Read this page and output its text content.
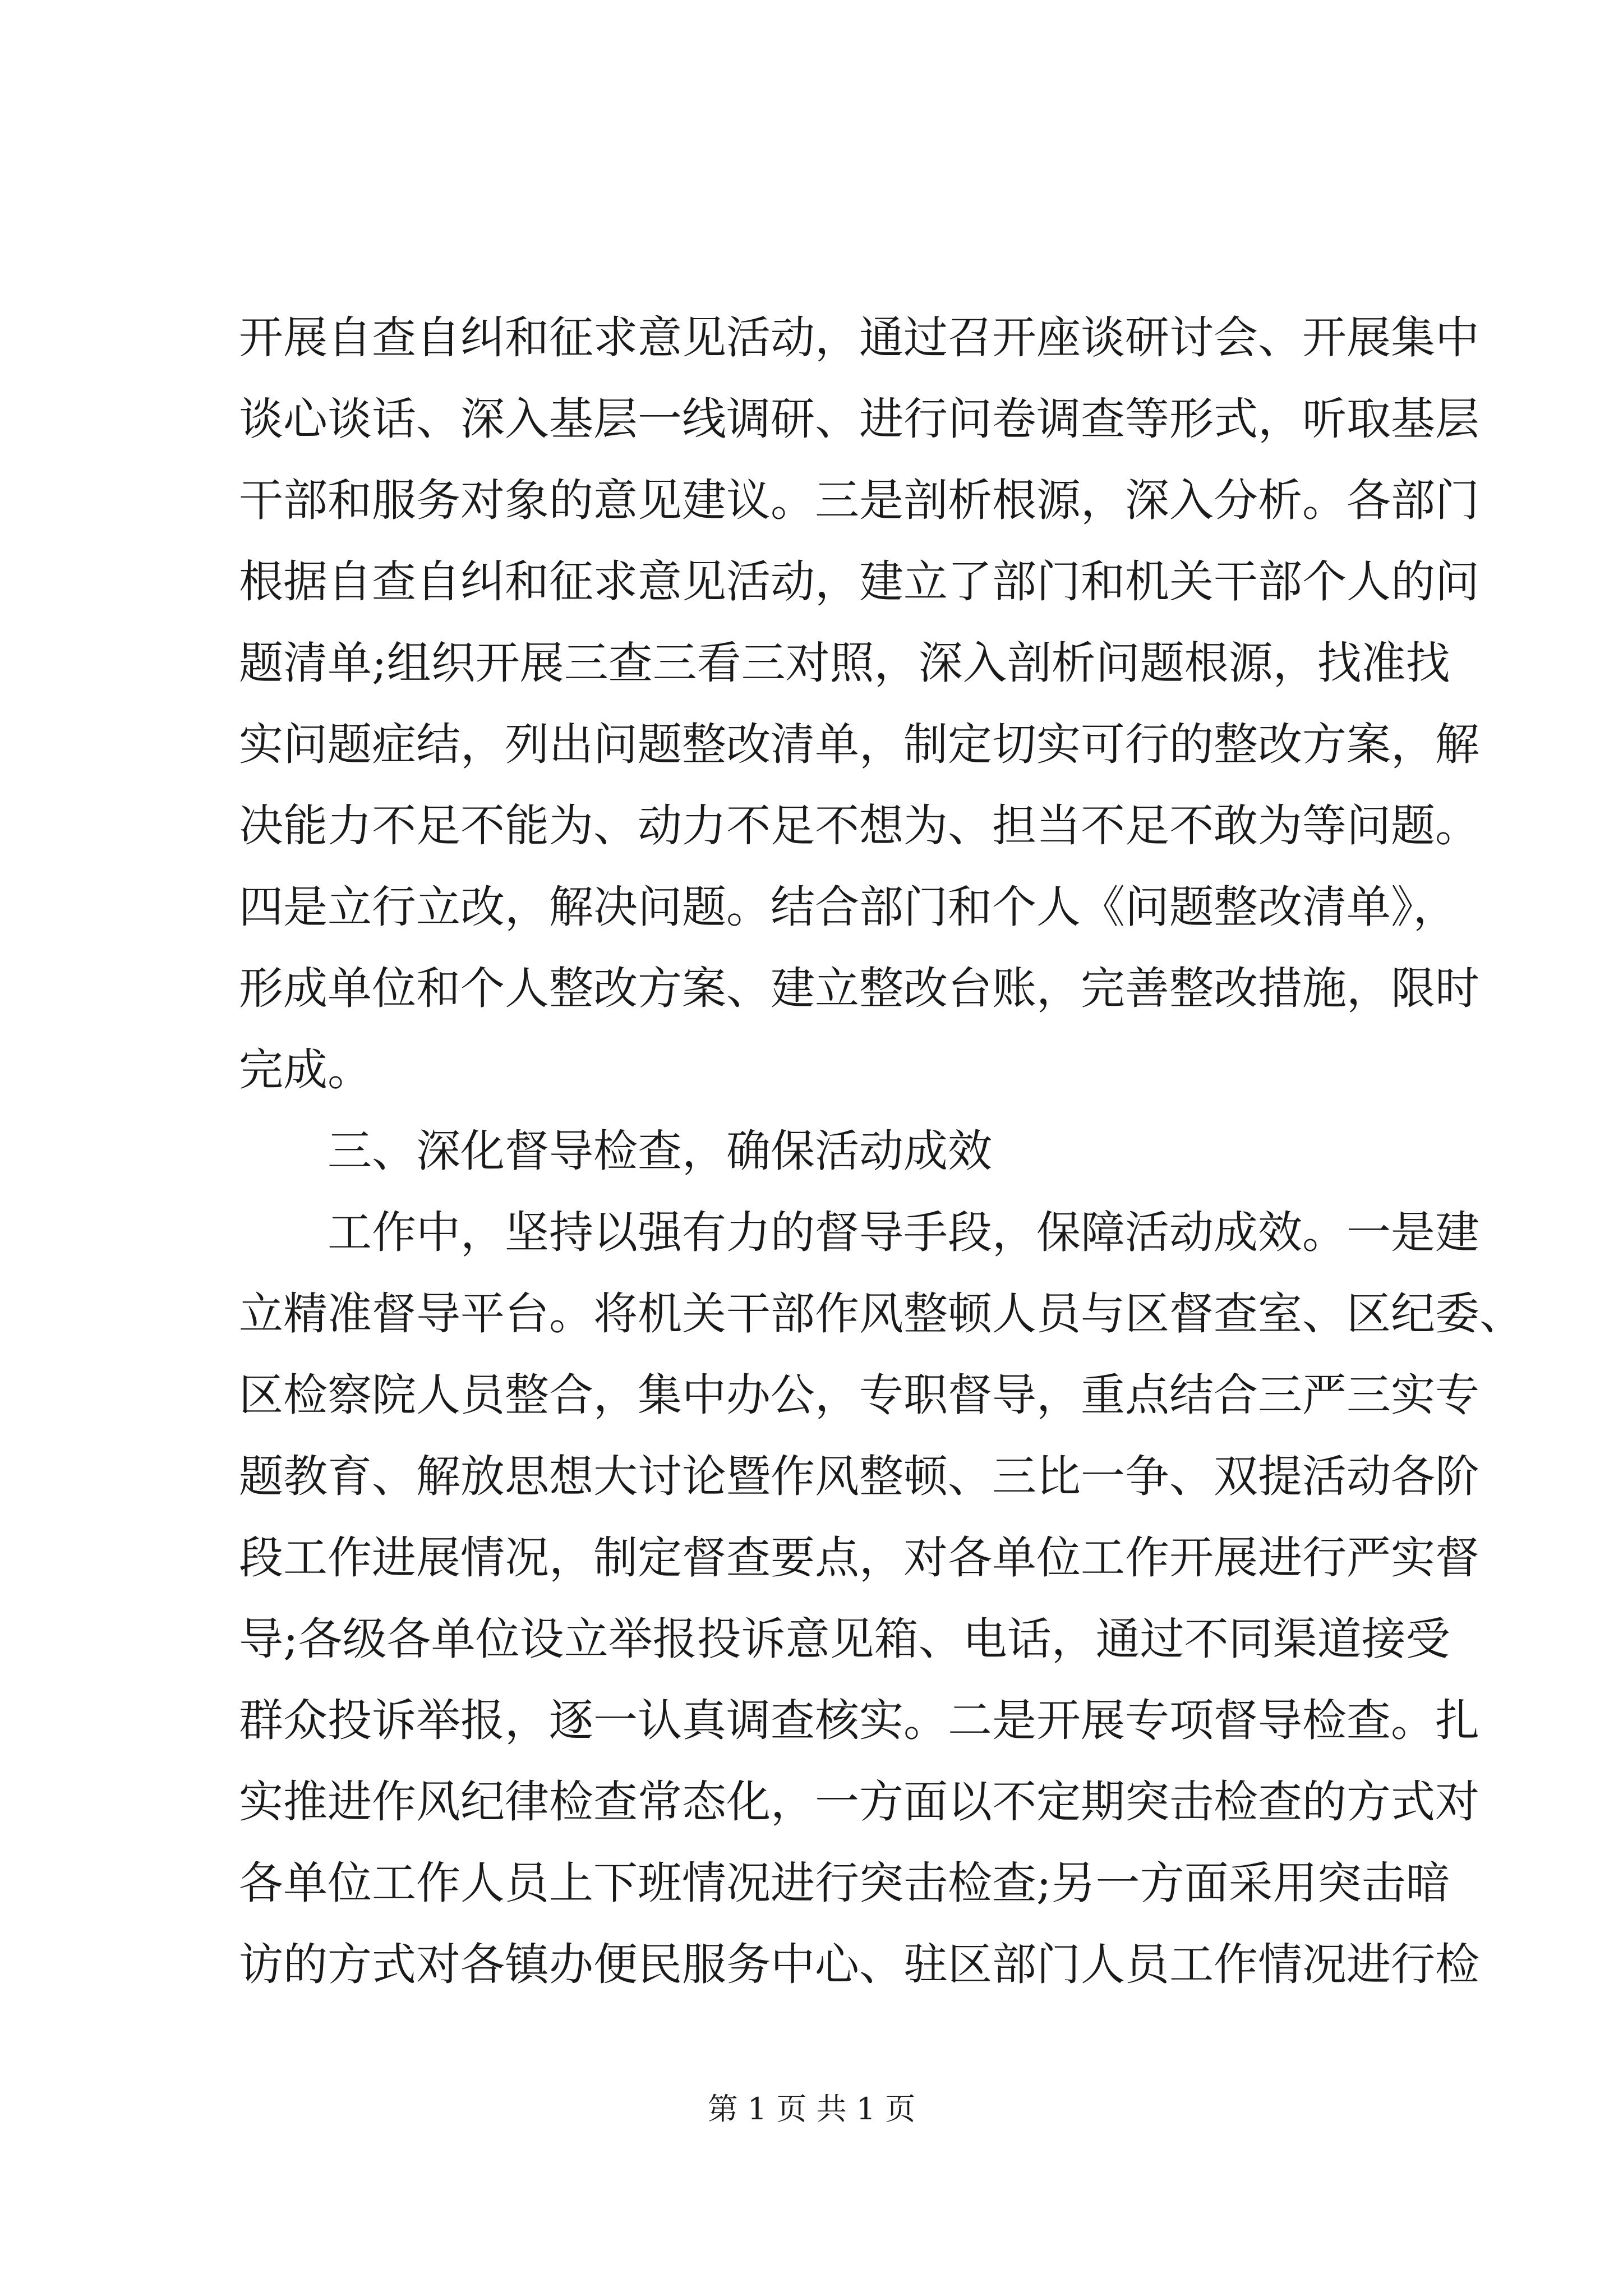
开展自查自纠和征求意见活动，通过召开座谈研讨会、开展集中
谈心谈话、深入基层一线调研、进行问卷调查等形式，听取基层
干部和服务对象的意见建议。三是剖析根源，深入分析。各部门
根据自查自纠和征求意见活动，建立了部门和机关干部个人的问
题清单;组织开展三查三看三对照，深入剖析问题根源，找准找
实问题症结，列出问题整改清单，制定切实可行的整改方案，解
决能力不足不能为、动力不足不想为、担当不足不敢为等问题。
四是立行立改，解决问题。结合部门和个人《问题整改清单》，
形成单位和个人整改方案、建立整改台账，完善整改措施，限时
完成。
三、深化督导检查，确保活动成效
工作中，坚持以强有力的督导手段，保障活动成效。一是建
立精准督导平台。将机关干部作风整顿人员与区督查室、区纪委、
区检察院人员整合，集中办公，专职督导，重点结合三严三实专
题教育、解放思想大讨论暨作风整顿、三比一争、双提活动各阶
段工作进展情况，制定督查要点，对各单位工作开展进行严实督
导;各级各单位设立举报投诉意见箱、电话，通过不同渠道接受
群众投诉举报，逐一认真调查核实。二是开展专项督导检查。扎
实推进作风纪律检查常态化，一方面以不定期突击检查的方式对
各单位工作人员上下班情况进行突击检查;另一方面采用突击暗
访的方式对各镇办便民服务中心、驻区部门人员工作情况进行检
第 1 页 共 1 页
